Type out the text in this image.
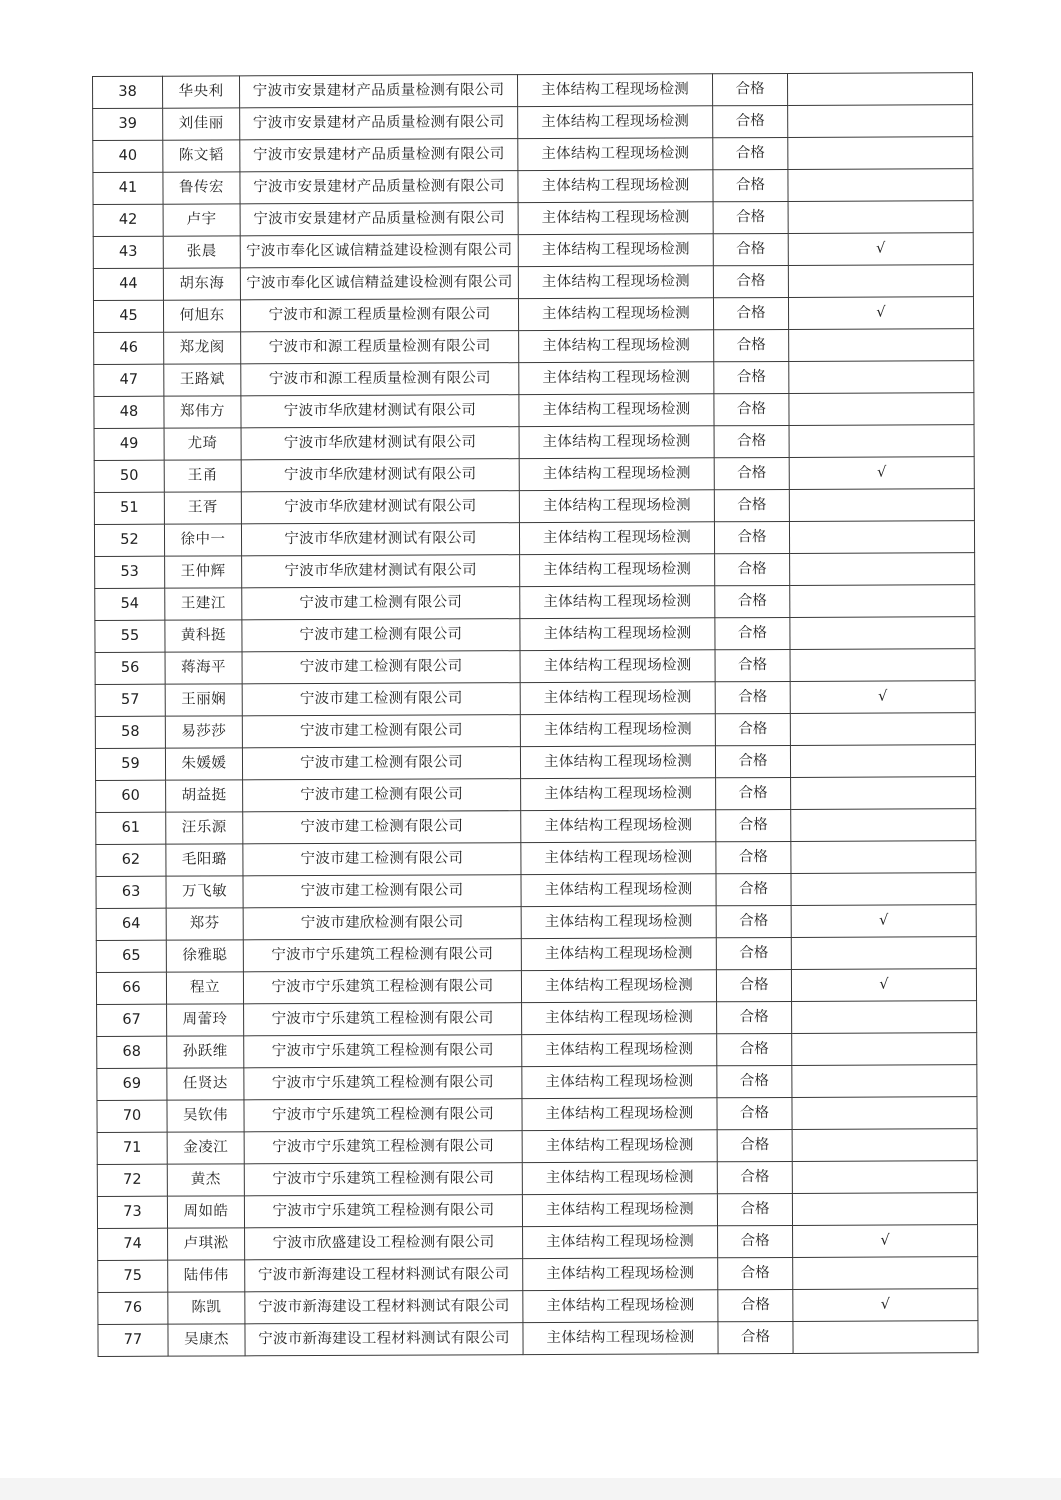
38	华央利	宁波市安景建材产品质量检测有限公司	主体结构工程现场检测	合格	
39	刘佳丽	宁波市安景建材产品质量检测有限公司	主体结构工程现场检测	合格	
40	陈文韬	宁波市安景建材产品质量检测有限公司	主体结构工程现场检测	合格	
41	鲁传宏	宁波市安景建材产品质量检测有限公司	主体结构工程现场检测	合格	
42	卢宇	宁波市安景建材产品质量检测有限公司	主体结构工程现场检测	合格	
43	张晨	宁波市奉化区诚信精益建设检测有限公司	主体结构工程现场检测	合格	√
44	胡东海	宁波市奉化区诚信精益建设检测有限公司	主体结构工程现场检测	合格	
45	何旭东	宁波市和源工程质量检测有限公司	主体结构工程现场检测	合格	√
46	郑龙阂	宁波市和源工程质量检测有限公司	主体结构工程现场检测	合格	
47	王路斌	宁波市和源工程质量检测有限公司	主体结构工程现场检测	合格	
48	郑伟方	宁波市华欣建材测试有限公司	主体结构工程现场检测	合格	
49	尤琦	宁波市华欣建材测试有限公司	主体结构工程现场检测	合格	
50	王甬	宁波市华欣建材测试有限公司	主体结构工程现场检测	合格	√
51	王胥	宁波市华欣建材测试有限公司	主体结构工程现场检测	合格	
52	徐中一	宁波市华欣建材测试有限公司	主体结构工程现场检测	合格	
53	王仲辉	宁波市华欣建材测试有限公司	主体结构工程现场检测	合格	
54	王建江	宁波市建工检测有限公司	主体结构工程现场检测	合格	
55	黄科挺	宁波市建工检测有限公司	主体结构工程现场检测	合格	
56	蒋海平	宁波市建工检测有限公司	主体结构工程现场检测	合格	
57	王丽娴	宁波市建工检测有限公司	主体结构工程现场检测	合格	√
58	易莎莎	宁波市建工检测有限公司	主体结构工程现场检测	合格	
59	朱媛媛	宁波市建工检测有限公司	主体结构工程现场检测	合格	
60	胡益挺	宁波市建工检测有限公司	主体结构工程现场检测	合格	
61	汪乐源	宁波市建工检测有限公司	主体结构工程现场检测	合格	
62	毛阳璐	宁波市建工检测有限公司	主体结构工程现场检测	合格	
63	万飞敏	宁波市建工检测有限公司	主体结构工程现场检测	合格	
64	郑芬	宁波市建欣检测有限公司	主体结构工程现场检测	合格	√
65	徐雅聪	宁波市宁乐建筑工程检测有限公司	主体结构工程现场检测	合格	
66	程立	宁波市宁乐建筑工程检测有限公司	主体结构工程现场检测	合格	√
67	周蕾玲	宁波市宁乐建筑工程检测有限公司	主体结构工程现场检测	合格	
68	孙跃维	宁波市宁乐建筑工程检测有限公司	主体结构工程现场检测	合格	
69	任贤达	宁波市宁乐建筑工程检测有限公司	主体结构工程现场检测	合格	
70	吴钦伟	宁波市宁乐建筑工程检测有限公司	主体结构工程现场检测	合格	
71	金凌江	宁波市宁乐建筑工程检测有限公司	主体结构工程现场检测	合格	
72	黄杰	宁波市宁乐建筑工程检测有限公司	主体结构工程现场检测	合格	
73	周如皓	宁波市宁乐建筑工程检测有限公司	主体结构工程现场检测	合格	
74	卢琪淞	宁波市欣盛建设工程检测有限公司	主体结构工程现场检测	合格	√
75	陆伟伟	宁波市新海建设工程材料测试有限公司	主体结构工程现场检测	合格	
76	陈凯	宁波市新海建设工程材料测试有限公司	主体结构工程现场检测	合格	√
77	吴康杰	宁波市新海建设工程材料测试有限公司	主体结构工程现场检测	合格	
